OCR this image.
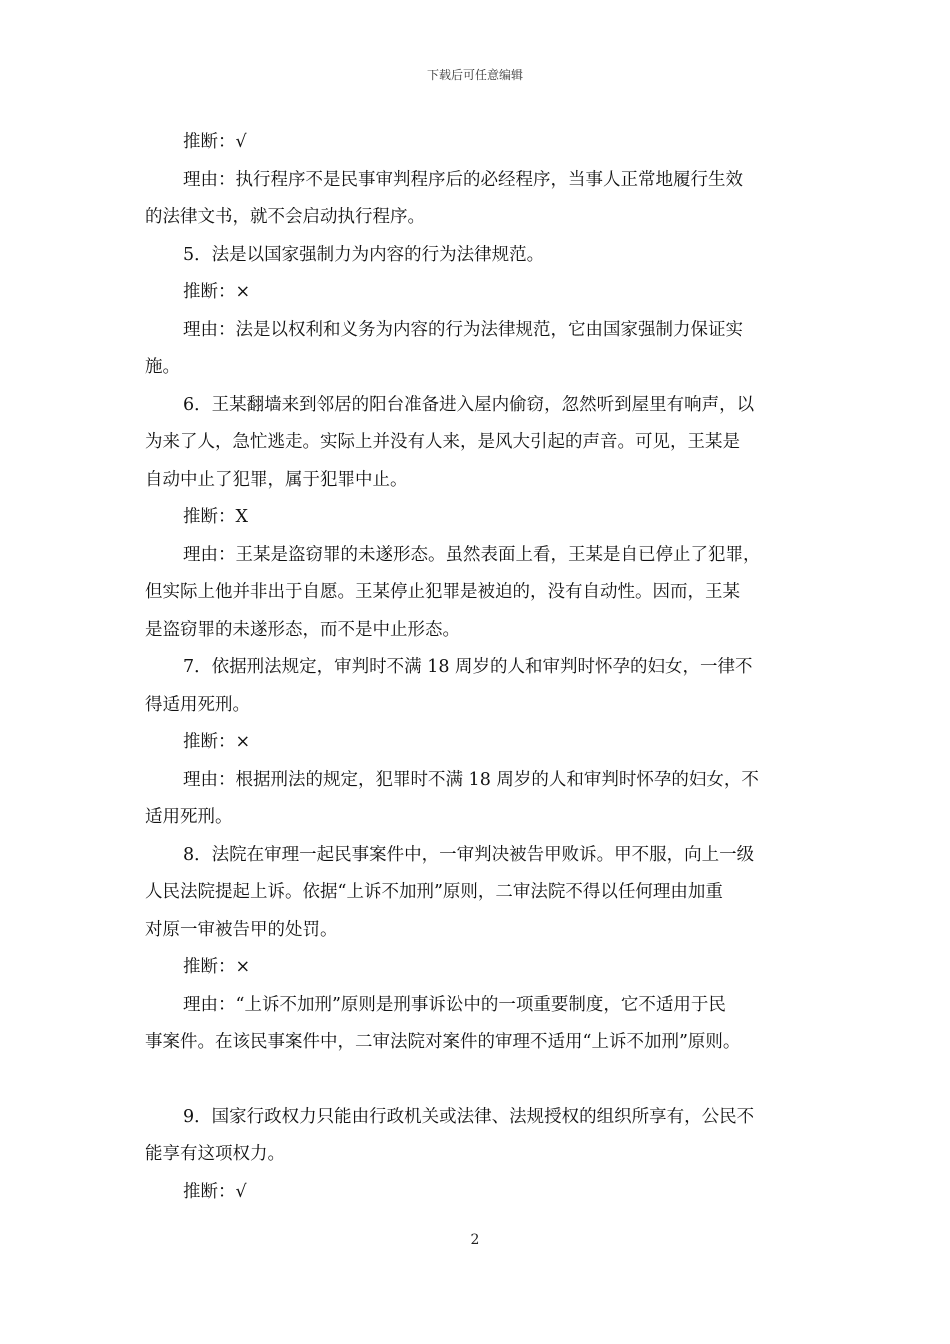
下载后可任意编辑
推断：√
理由：执行程序不是民事审判程序后的必经程序，当事人正常地履行生效
的法律文书，就不会启动执行程序。
5．法是以国家强制力为内容的行为法律规范。
推断：×
理由：法是以权利和义务为内容的行为法律规范，它由国家强制力保证实
施。
6．王某翻墙来到邻居的阳台准备进入屋内偷窃，忽然听到屋里有响声，以
为来了人，急忙逃走。实际上并没有人来，是风大引起的声音。可见，王某是
自动中止了犯罪，属于犯罪中止。
推断：X
理由：王某是盗窃罪的未遂形态。虽然表面上看，王某是自已停止了犯罪，
但实际上他并非出于自愿。王某停止犯罪是被迫的，没有自动性。因而，王某
是盗窃罪的未遂形态，而不是中止形态。
7．依据刑法规定，审判时不满 18 周岁的人和审判时怀孕的妇女，一律不
得适用死刑。
推断：×
理由：根据刑法的规定，犯罪时不满 18 周岁的人和审判时怀孕的妇女，不
适用死刑。
8．法院在审理一起民事案件中，一审判决被告甲败诉。甲不服，向上一级
人民法院提起上诉。依据“上诉不加刑”原则，二审法院不得以任何理由加重
对原一审被告甲的处罚。
推断：×
理由：“上诉不加刑”原则是刑事诉讼中的一项重要制度，它不适用于民
事案件。在该民事案件中，二审法院对案件的审理不适用“上诉不加刑”原则。
9．国家行政权力只能由行政机关或法律、法规授权的组织所享有，公民不
能享有这项权力。
推断：√
2
